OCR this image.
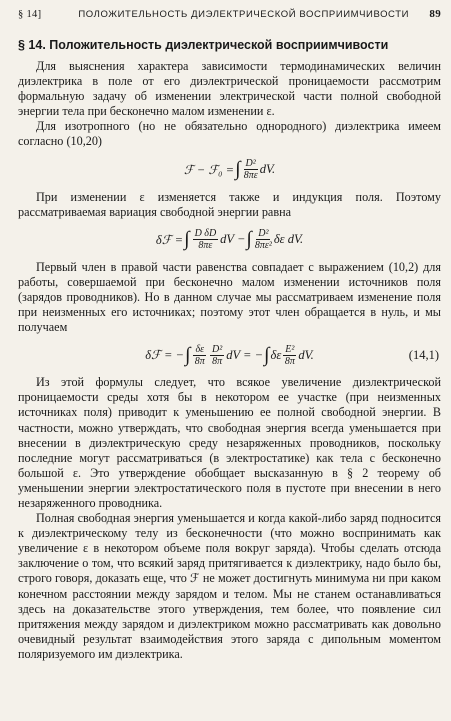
§ 14]	ПОЛОЖИТЕЛЬНОСТЬ ДИЭЛЕКТРИЧЕСКОЙ ВОСПРИИМЧИВОСТИ	89
§ 14. Положительность диэлектрической восприимчивости

Для выяснения характера зависимости термодинамических величин диэлектрика в поле от его диэлектрической проницаемости рассмотрим формальную задачу об изменении электрической части полной свободной энергии тела при бесконечно малом изменении ε.

Для изотропного (но не обязательно однородного) диэлектрика имеем согласно (10,20)

ℱ − ℱ₀ = ∫ $\frac{\text{D²}}{8\pi\varepsilon}$ dV.

При изменении ε изменяется также и индукция поля. Поэтому рассматриваемая вариация свободной энергии равна

δℱ = ∫ $\frac{\text{D δD}}{8\pi\varepsilon}$ dV − ∫ $\frac{\text{D²}}{\text{8πε²}}$ δε dV.

Первый член в правой части равенства совпадает с выражением (10,2) для работы, совершаемой при бесконечно малом изменении источников поля (зарядов проводников). Но в данном случае мы рассматриваем изменение поля при неизменных его источниках; поэтому этот член обращается в нуль, и мы получаем

δℱ = − ∫ $\frac{\delta\varepsilon}{8\pi} \frac{\text{D²}}{8\pi}$ dV = − ∫ δε $\frac{\text{E²}}{8\pi}$ dV.	(14,1)

Из этой формулы следует, что всякое увеличение диэлектрической проницаемости среды хотя бы в некотором ее участке (при неизменных источниках поля) приводит к уменьшению ее полной свободной энергии. В частности, можно утверждать, что свободная энергия всегда уменьшается при внесении в диэлектрическую среду незаряженных проводников, поскольку последние могут рассматриваться (в электростатике) как тела с бесконечно большой ε. Это утверждение обобщает высказанную в § 2 теорему об уменьшении энергии электростатического поля в пустоте при внесении в него незаряженного проводника.

Полная свободная энергия уменьшается и когда какой-либо заряд подносится к диэлектрическому телу из бесконечности (что можно воспринимать как увеличение ε в некотором объеме поля вокруг заряда). Чтобы сделать отсюда заключение о том, что всякий заряд притягивается к диэлектрику, надо было бы, строго говоря, доказать еще, что ℱ не может достигнуть минимума ни при каком конечном расстоянии между зарядом и телом. Мы не станем останавливаться здесь на доказательстве этого утверждения, тем более, что появление сил притяжения между зарядом и диэлектриком можно рассматривать как довольно очевидный результат взаимодействия этого заряда с дипольным моментом поляризуемого им диэлектрика.
